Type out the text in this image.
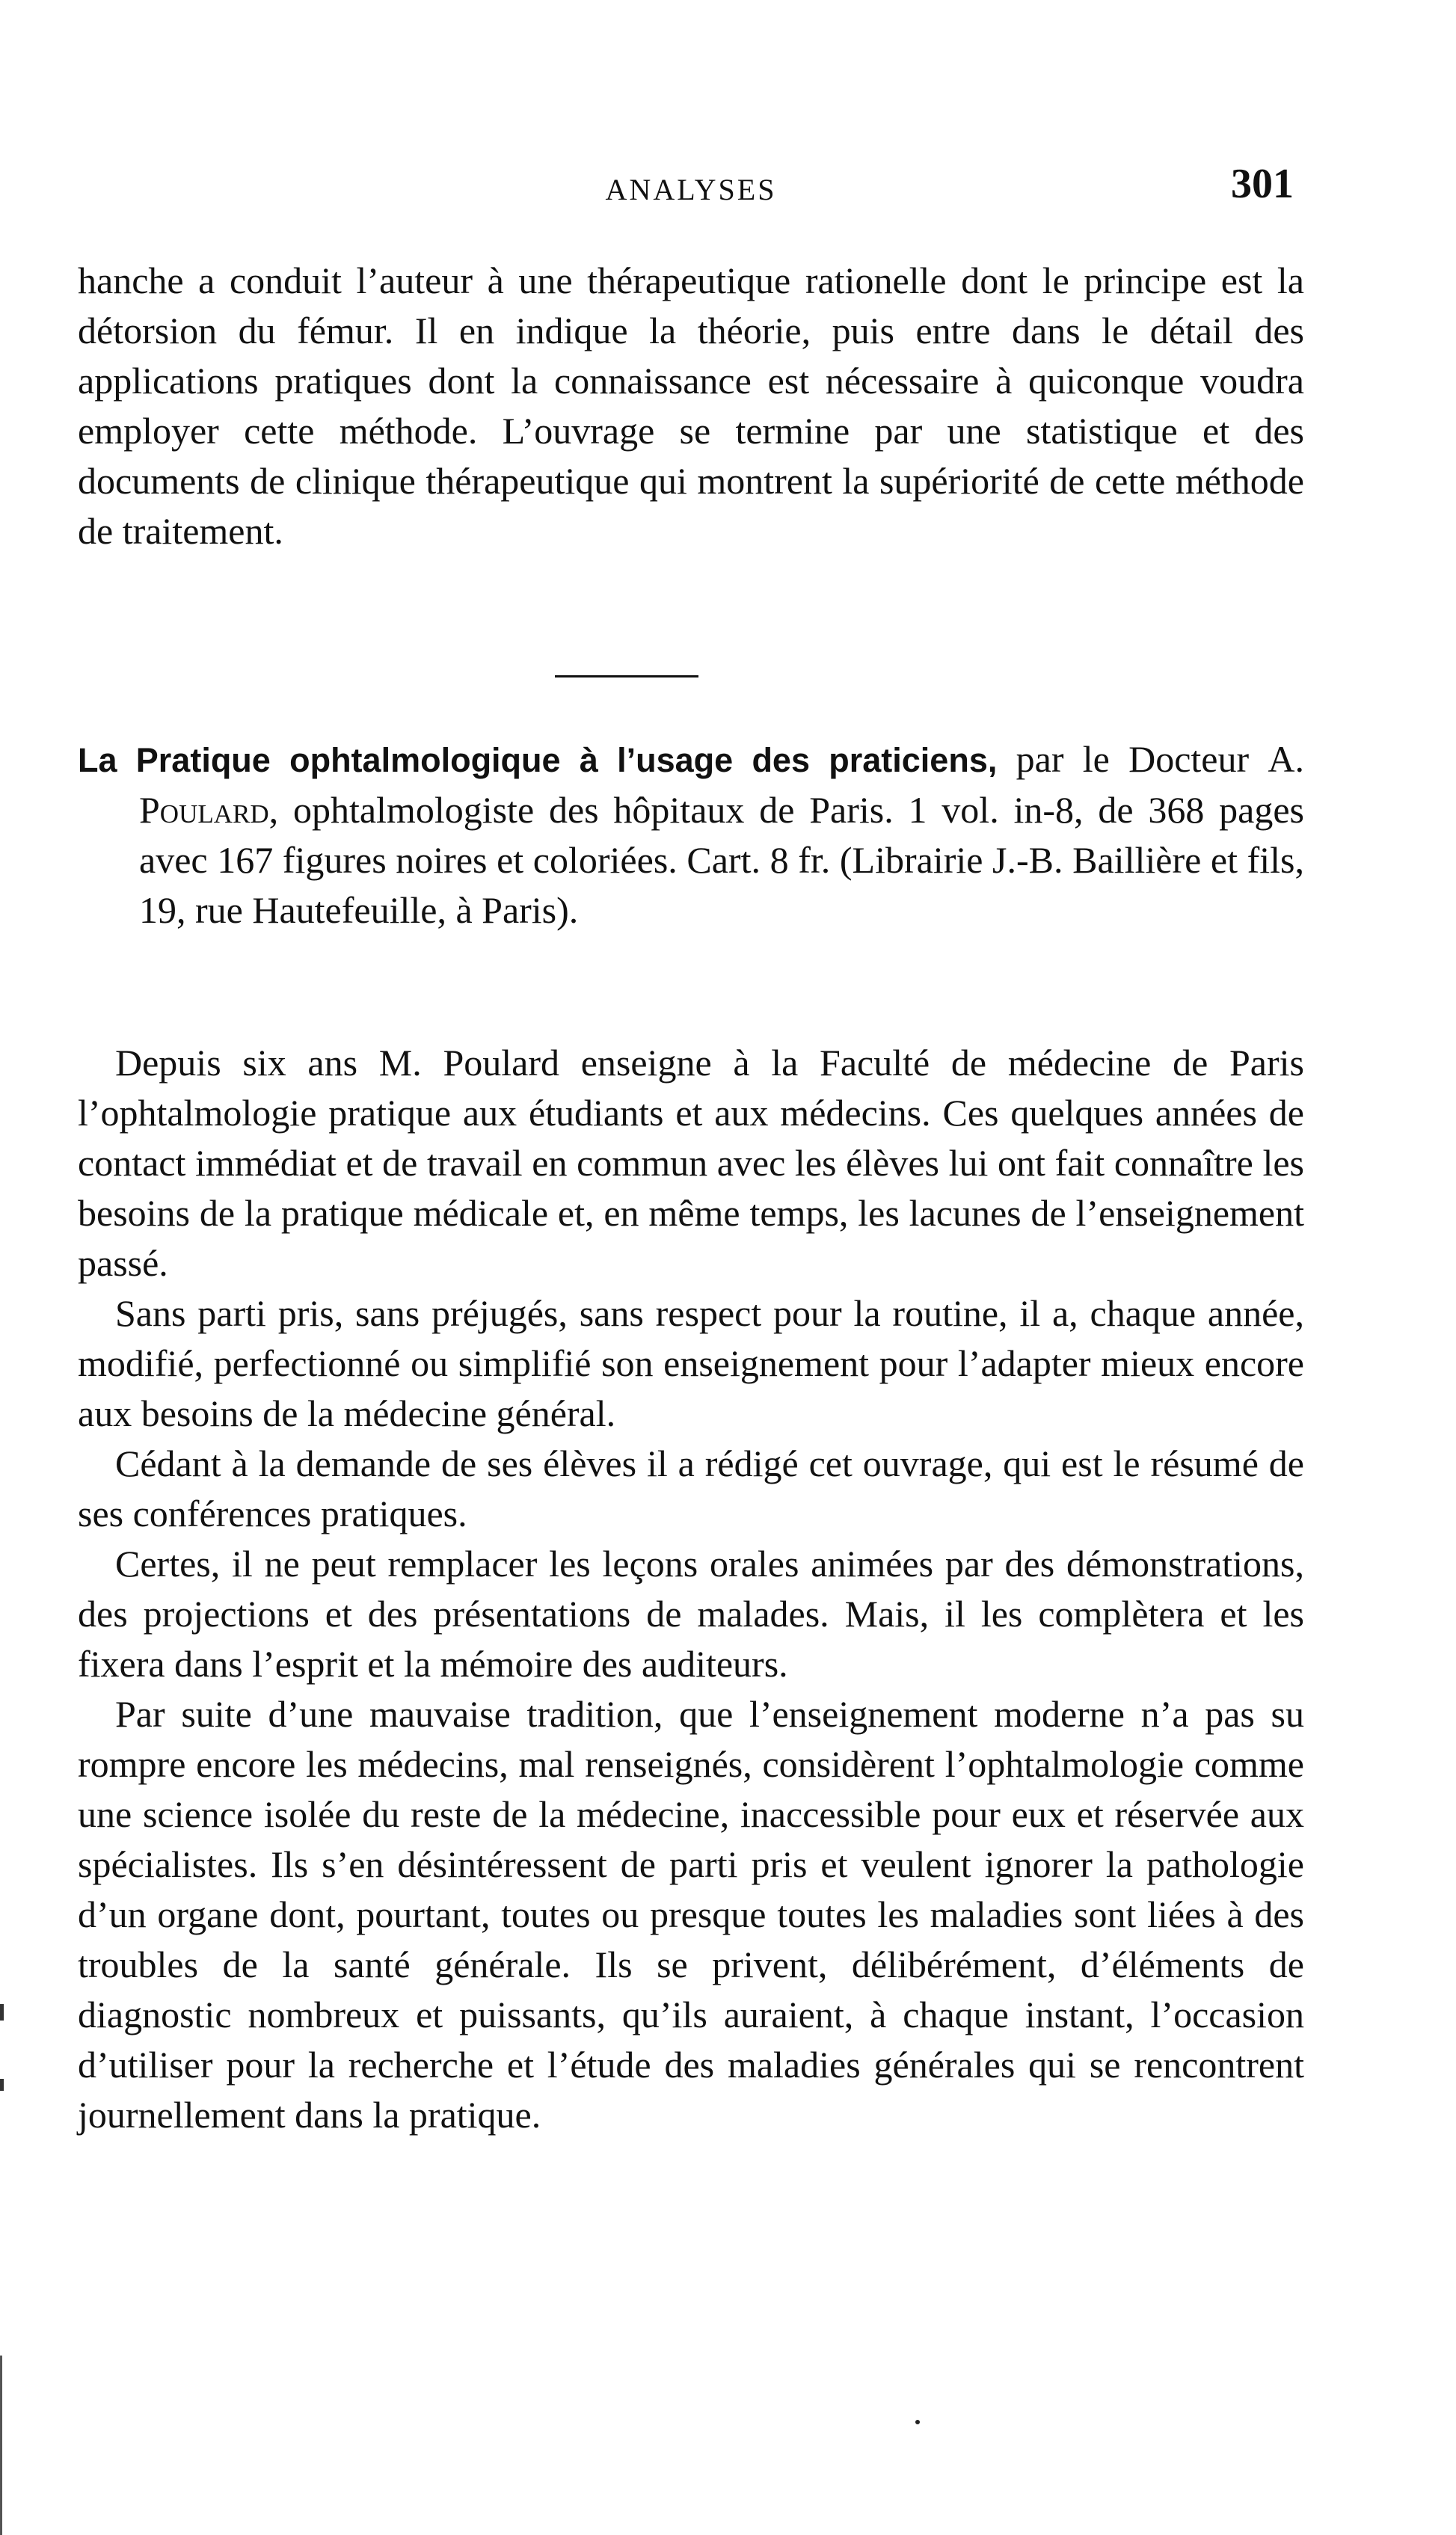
ANALYSES	301

hanche a conduit l’auteur à une thérapeutique rationelle dont le principe est la détorsion du fémur. Il en indique la théorie, puis entre dans le détail des applications pratiques dont la connaissance est nécessaire à quiconque voudra employer cette méthode. L’ouvrage se termine par une statistique et des documents de clinique thérapeutique qui montrent la supériorité de cette méthode de traitement.

La Pratique ophtalmologique à l’usage des praticiens, par le Docteur A. Poulard, ophtalmologiste des hôpitaux de Paris. 1 vol. in-8, de 368 pages avec 167 figures noires et coloriées. Cart. 8 fr. (Librairie J.-B. Baillière et fils, 19, rue Hautefeuille, à Paris).

Depuis six ans M. Poulard enseigne à la Faculté de médecine de Paris l’ophtalmologie pratique aux étudiants et aux médecins. Ces quelques années de contact immédiat et de travail en commun avec les élèves lui ont fait connaître les besoins de la pratique médicale et, en même temps, les lacunes de l’enseignement passé.

Sans parti pris, sans préjugés, sans respect pour la routine, il a, chaque année, modifié, perfectionné ou simplifié son enseignement pour l’adapter mieux encore aux besoins de la médecine général.

Cédant à la demande de ses élèves il a rédigé cet ouvrage, qui est le résumé de ses conférences pratiques.

Certes, il ne peut remplacer les leçons orales animées par des démonstrations, des projections et des présentations de malades. Mais, il les complètera et les fixera dans l’esprit et la mémoire des auditeurs.

Par suite d’une mauvaise tradition, que l’enseignement moderne n’a pas su rompre encore les médecins, mal renseignés, considèrent l’ophtalmologie comme une science isolée du reste de la médecine, inaccessible pour eux et réservée aux spécialistes. Ils s’en désintéressent de parti pris et veulent ignorer la pathologie d’un organe dont, pourtant, toutes ou presque toutes les maladies sont liées à des troubles de la santé générale. Ils se privent, délibérément, d’éléments de diagnostic nombreux et puissants, qu’ils auraient, à chaque instant, l’occasion d’utiliser pour la recherche et l’étude des maladies générales qui se rencontrent journellement dans la pratique.
